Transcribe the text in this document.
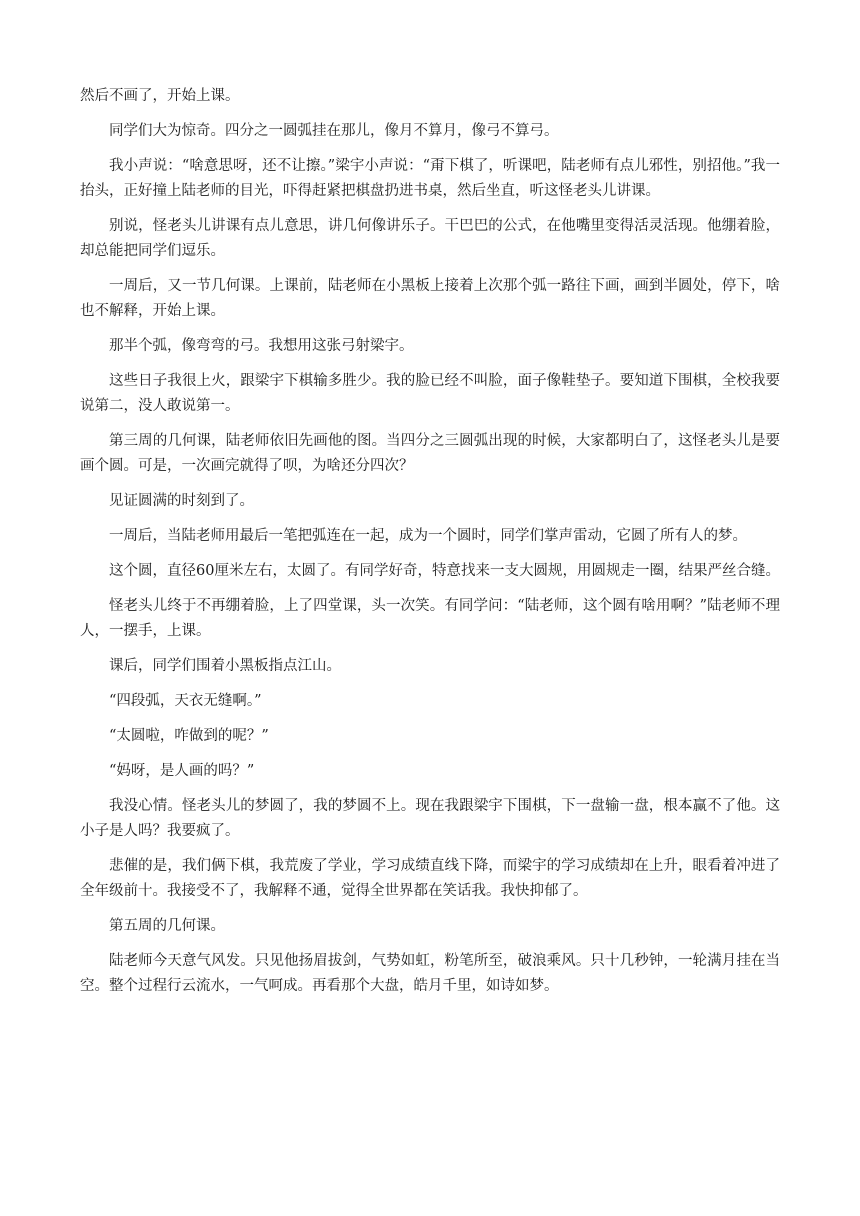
然后不画了，开始上课。

同学们大为惊奇。四分之一圆弧挂在那儿，像月不算月，像弓不算弓。

我小声说：“啥意思呀，还不让擦。”梁宇小声说：“甭下棋了，听课吧，陆老师有点儿邪性，别招他。”我一抬头，正好撞上陆老师的目光，吓得赶紧把棋盘扔进书桌，然后坐直，听这怪老头儿讲课。

别说，怪老头儿讲课有点儿意思，讲几何像讲乐子。干巴巴的公式，在他嘴里变得活灵活现。他绷着脸，却总能把同学们逗乐。

一周后，又一节几何课。上课前，陆老师在小黑板上接着上次那个弧一路往下画，画到半圆处，停下，啥也不解释，开始上课。

那半个弧，像弯弯的弓。我想用这张弓射梁宇。

这些日子我很上火，跟梁宇下棋输多胜少。我的脸已经不叫脸，面子像鞋垫子。要知道下围棋，全校我要说第二，没人敢说第一。

第三周的几何课，陆老师依旧先画他的图。当四分之三圆弧出现的时候，大家都明白了，这怪老头儿是要画个圆。可是，一次画完就得了呗，为啥还分四次？

见证圆满的时刻到了。

一周后，当陆老师用最后一笔把弧连在一起，成为一个圆时，同学们掌声雷动，它圆了所有人的梦。

这个圆，直径60厘米左右，太圆了。有同学好奇，特意找来一支大圆规，用圆规走一圈，结果严丝合缝。

怪老头儿终于不再绷着脸，上了四堂课，头一次笑。有同学问：“陆老师，这个圆有啥用啊？”陆老师不理人，一摆手，上课。

课后，同学们围着小黑板指点江山。

“四段弧，天衣无缝啊。”

“太圆啦，咋做到的呢？”

“妈呀，是人画的吗？”

我没心情。怪老头儿的梦圆了，我的梦圆不上。现在我跟梁宇下围棋，下一盘输一盘，根本赢不了他。这小子是人吗？我要疯了。

悲催的是，我们俩下棋，我荒废了学业，学习成绩直线下降，而梁宇的学习成绩却在上升，眼看着冲进了全年级前十。我接受不了，我解释不通，觉得全世界都在笑话我。我快抑郁了。

第五周的几何课。

陆老师今天意气风发。只见他扬眉拔剑，气势如虹，粉笔所至，破浪乘风。只十几秒钟，一轮满月挂在当空。整个过程行云流水，一气呵成。再看那个大盘，皓月千里，如诗如梦。
